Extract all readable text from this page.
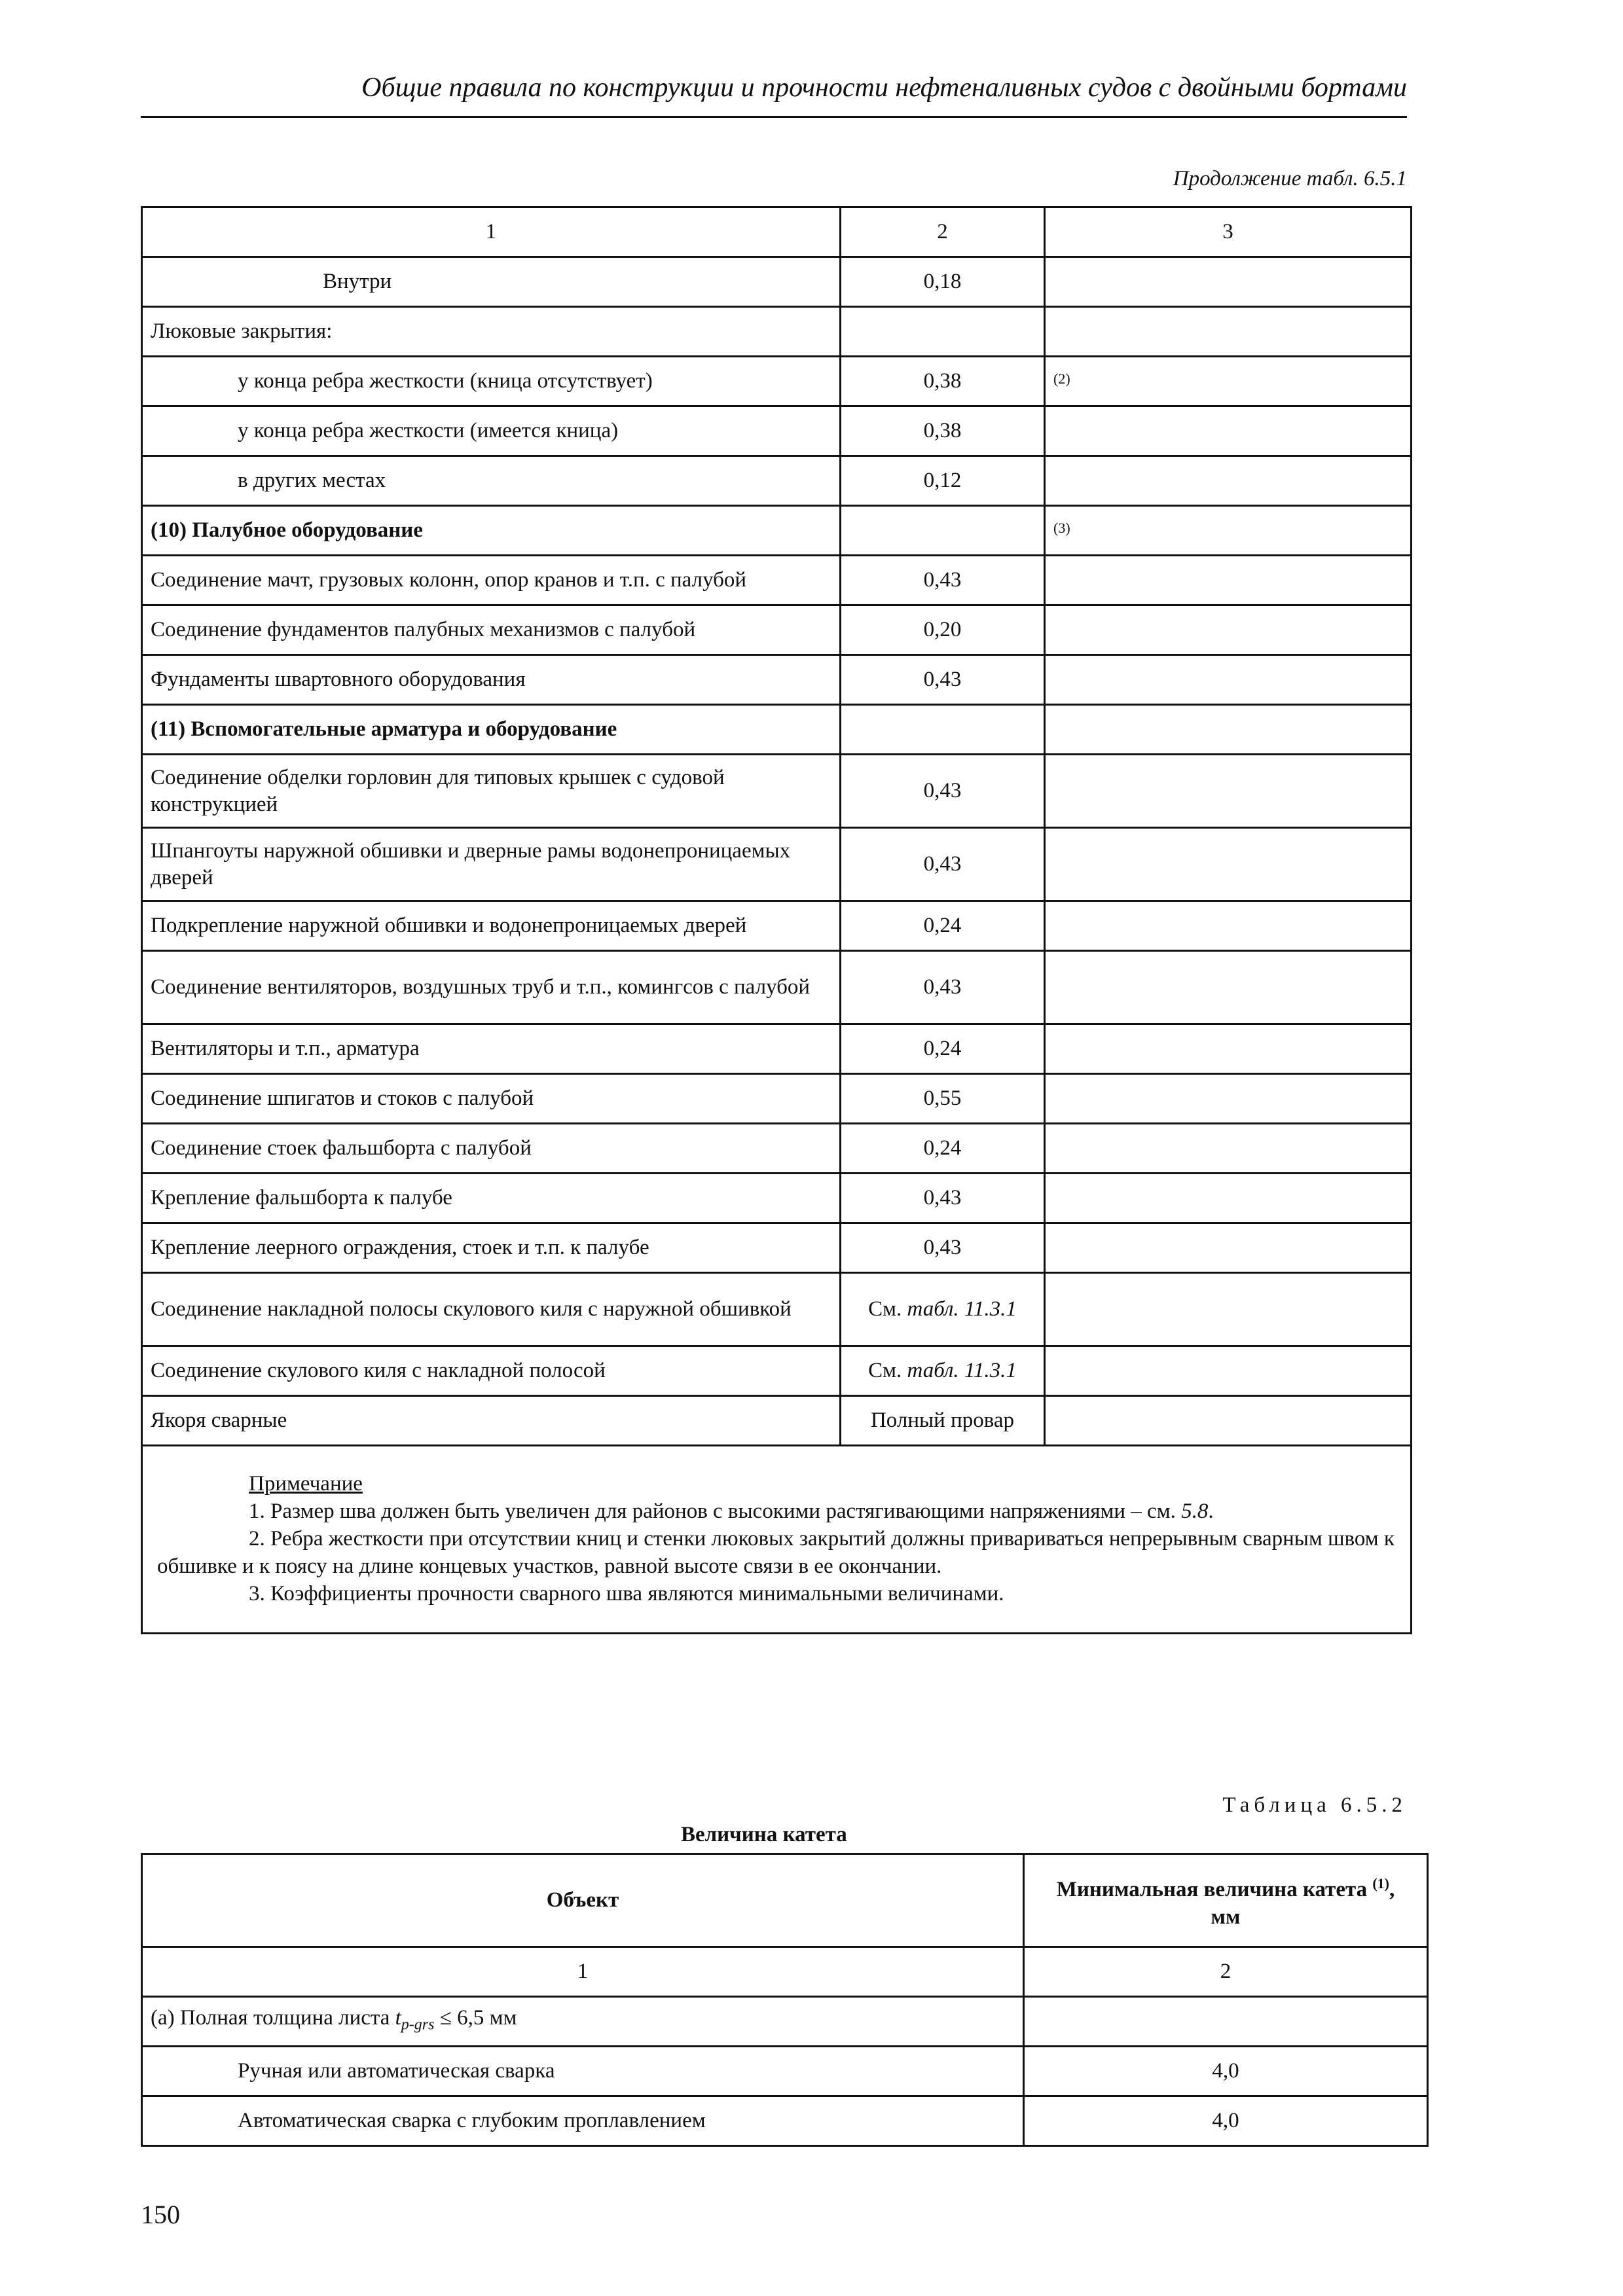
Общие правила по конструкции и прочности нефтеналивных судов с двойными бортами
Продолжение табл. 6.5.1
1	2	3
Внутри	0,18	
Люковые закрытия:		
у конца ребра жесткости (кница отсутствует)	0,38	$_{(2)}$
у конца ребра жесткости (имеется кница)	0,38	
в других местах	0,12	
(10) Палубное оборудование		$_{(3)}$
Соединение мачт, грузовых колонн, опор кранов и т.п. с палубой	0,43	
Соединение фундаментов палубных механизмов с палубой	0,20	
Фундаменты швартовного оборудования	0,43	
(11) Вспомогательные арматура и оборудование		
Соединение обделки горловин для типовых крышек с судовой конструкцией	0,43	
Шпангоуты наружной обшивки и дверные рамы водонепроницаемых дверей	0,43	
Подкрепление наружной обшивки и водонепроницаемых дверей	0,24	
Соединение вентиляторов, воздушных труб и т.п., комингсов с палубой	0,43	
Вентиляторы и т.п., арматура	0,24	
Соединение шпигатов и стоков с палубой	0,55	
Соединение стоек фальшборта с палубой	0,24	
Крепление фальшборта к палубе	0,43	
Крепление леерного ограждения, стоек и т.п. к палубе	0,43	
Соединение накладной полосы скулового киля с наружной обшивкой	См. табл. 11.3.1	
Соединение скулового киля с накладной полосой	См. табл. 11.3.1	
Якоря сварные	Полный провар	

Примечание

1. Размер шва должен быть увеличен для районов с высокими растягивающими напряжениями – см. 5.8.

2. Ребра жесткости при отсутствии книц и стенки люковых закрытий должны привариваться непрерывным сварным швом к обшивке и к поясу на длине концевых участков, равной высоте связи в ее окончании.

3. Коэффициенты прочности сварного шва являются минимальными величинами.		

Таблица 6.5.2
Величина катета
Объект	Минимальная величина катета $^{(1)}$,
мм
1	2
(а) Полная толщина листа $t_{p-grs} \le 6,5$ мм	
Ручная или автоматическая сварка	4,0
Автоматическая сварка с глубоким проплавлением	4,0
150
